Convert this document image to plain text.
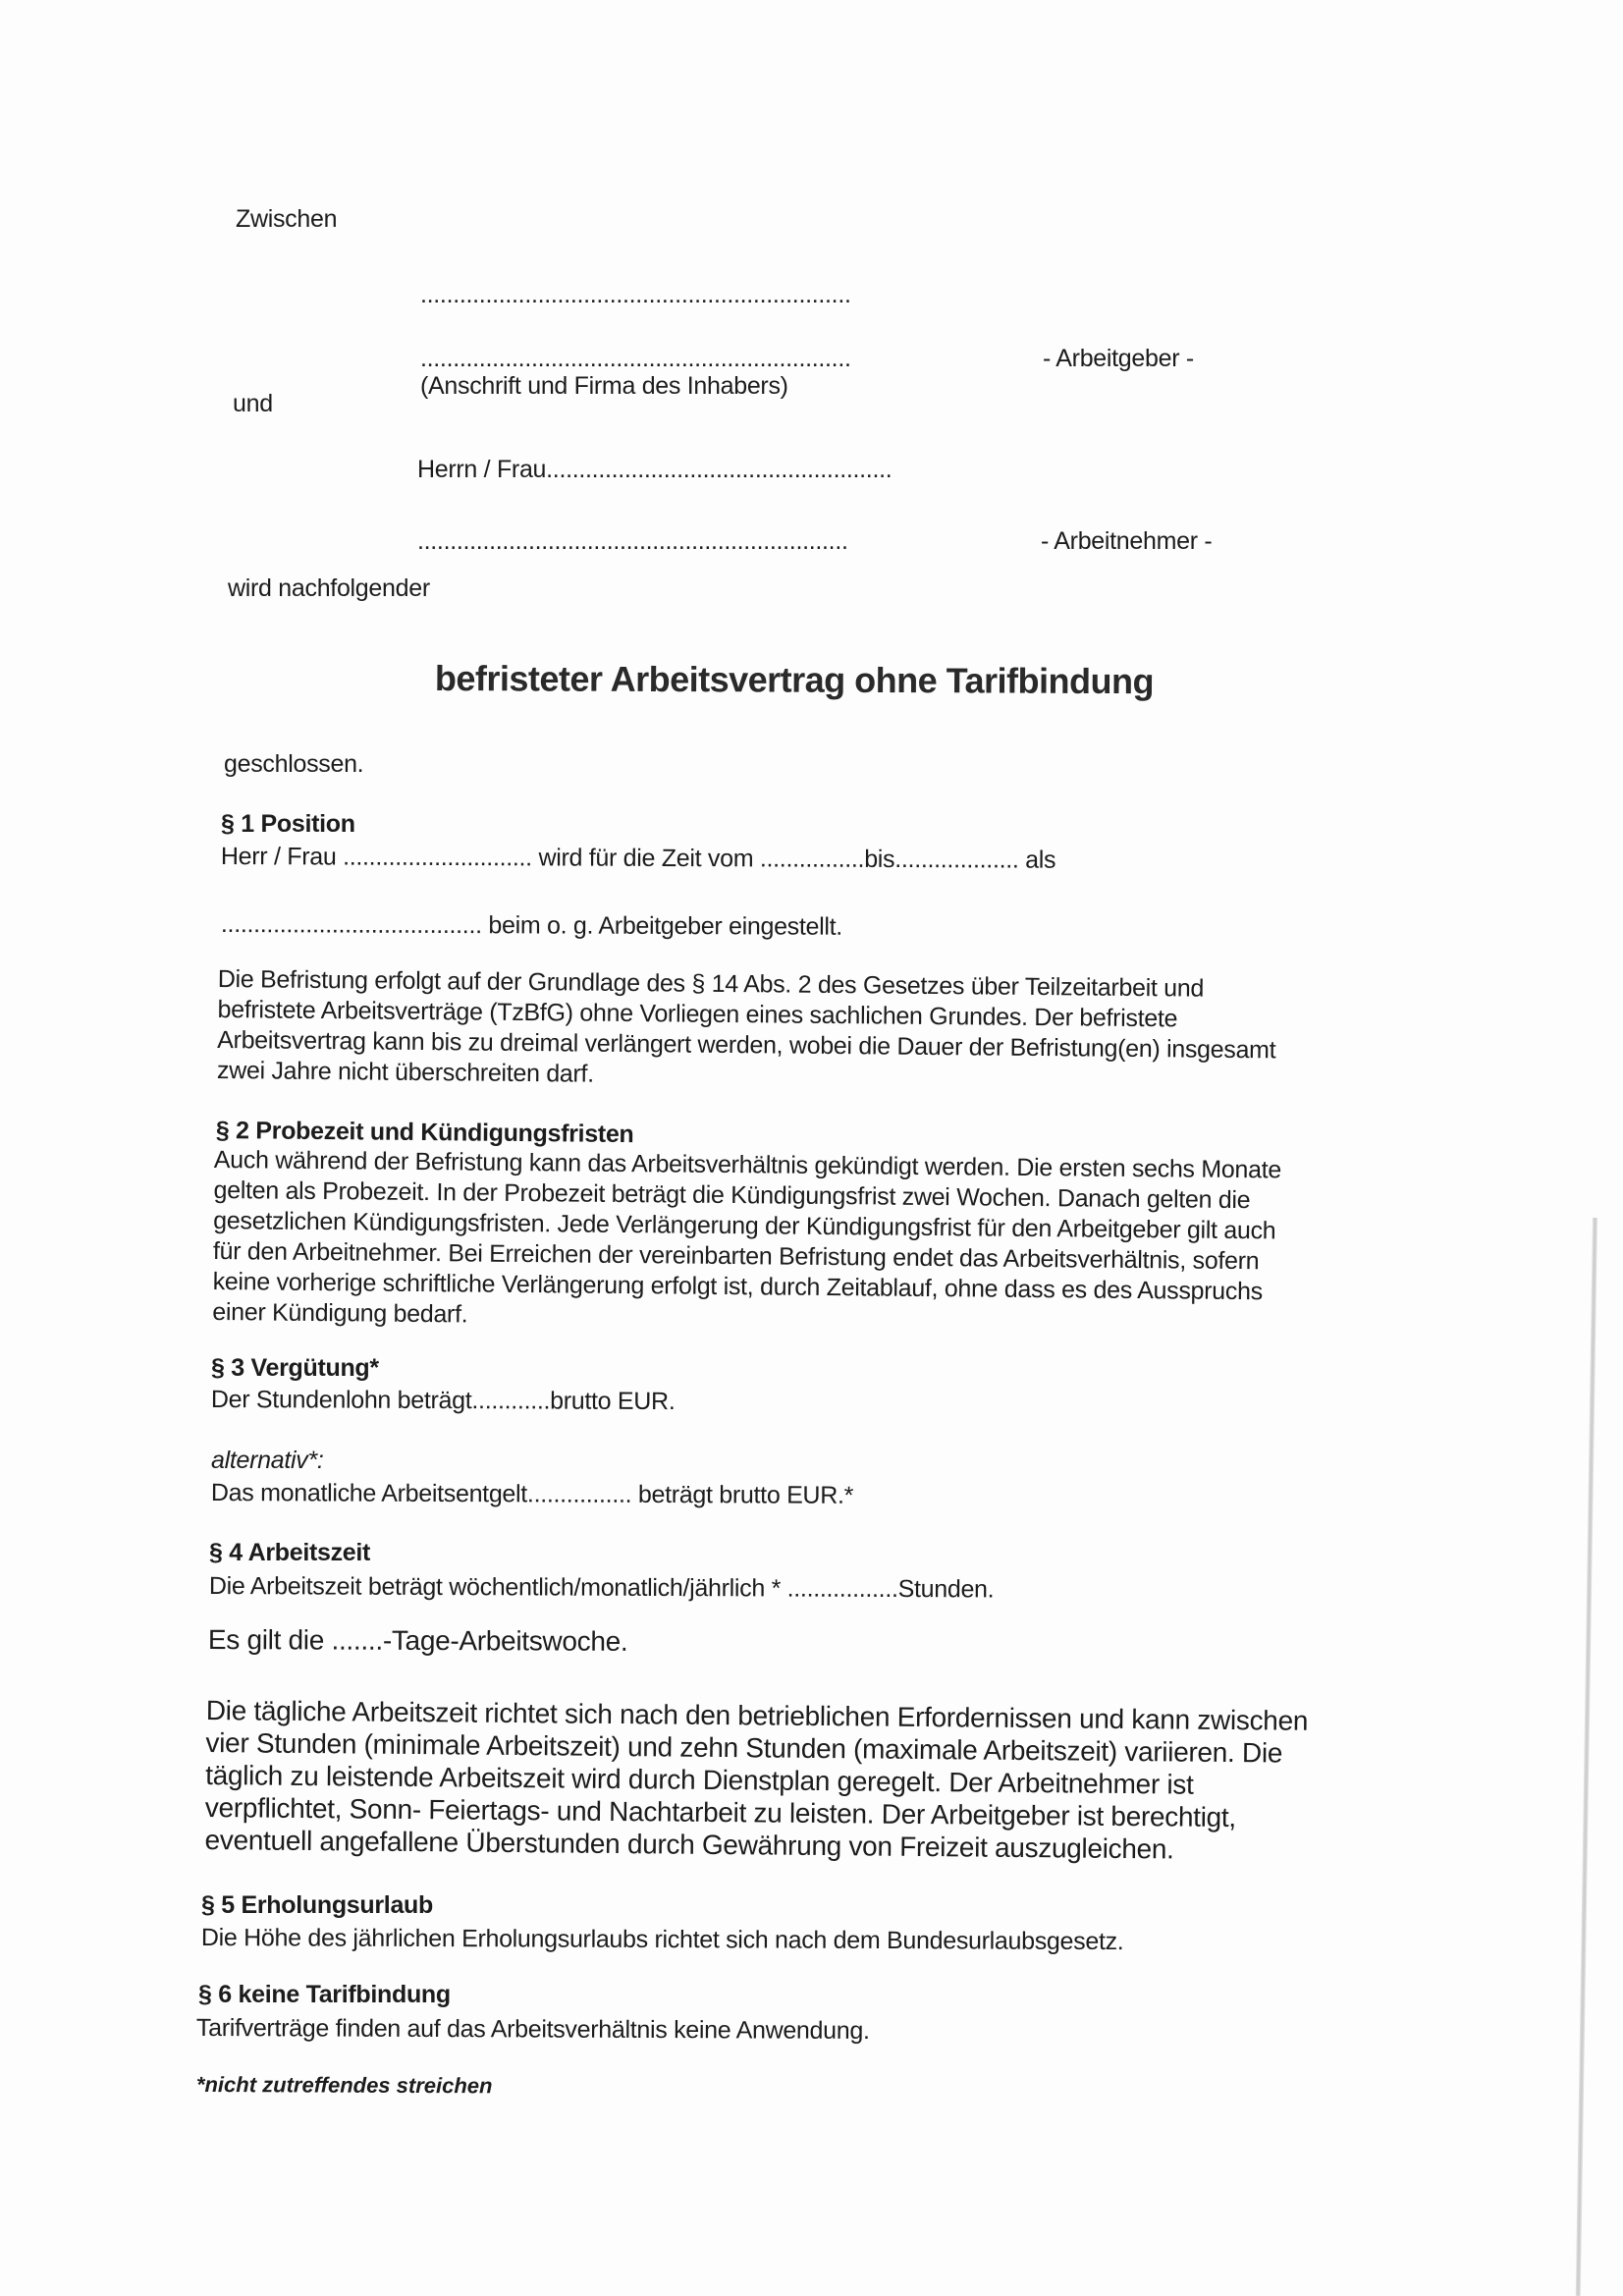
Zwischen
..................................................................
..................................................................	- Arbeitgeber -
(Anschrift und Firma des Inhabers)
und
Herrn / Frau.....................................................
..................................................................	- Arbeitnehmer -
wird nachfolgender
befristeter Arbeitsvertrag ohne Tarifbindung
geschlossen.
§ 1 Position
Herr / Frau ............................. wird für die Zeit vom ................bis................... als
........................................ beim o. g. Arbeitgeber eingestellt.
Die Befristung erfolgt auf der Grundlage des § 14 Abs. 2 des Gesetzes über Teilzeitarbeit und
befristete Arbeitsverträge (TzBfG) ohne Vorliegen eines sachlichen Grundes. Der befristete
Arbeitsvertrag kann bis zu dreimal verlängert werden, wobei die Dauer der Befristung(en) insgesamt
zwei Jahre nicht überschreiten darf.
§ 2 Probezeit und Kündigungsfristen
Auch während der Befristung kann das Arbeitsverhältnis gekündigt werden. Die ersten sechs Monate
gelten als Probezeit. In der Probezeit beträgt die Kündigungsfrist zwei Wochen. Danach gelten die
gesetzlichen Kündigungsfristen. Jede Verlängerung der Kündigungsfrist für den Arbeitgeber gilt auch
für den Arbeitnehmer. Bei Erreichen der vereinbarten Befristung endet das Arbeitsverhältnis, sofern
keine vorherige schriftliche Verlängerung erfolgt ist, durch Zeitablauf, ohne dass es des Ausspruchs
einer Kündigung bedarf.
§ 3 Vergütung*
Der Stundenlohn beträgt............brutto EUR.
alternativ*:
Das monatliche Arbeitsentgelt................ beträgt brutto EUR.*
§ 4 Arbeitszeit
Die Arbeitszeit beträgt wöchentlich/monatlich/jährlich * .................Stunden.
Es gilt die .......-Tage-Arbeitswoche.
Die tägliche Arbeitszeit richtet sich nach den betrieblichen Erfordernissen und kann zwischen
vier Stunden (minimale Arbeitszeit) und zehn Stunden (maximale Arbeitszeit) variieren. Die
täglich zu leistende Arbeitszeit wird durch Dienstplan geregelt. Der Arbeitnehmer ist
verpflichtet, Sonn- Feiertags- und Nachtarbeit zu leisten. Der Arbeitgeber ist berechtigt,
eventuell angefallene Überstunden durch Gewährung von Freizeit auszugleichen.
§ 5 Erholungsurlaub
Die Höhe des jährlichen Erholungsurlaubs richtet sich nach dem Bundesurlaubsgesetz.
§ 6 keine Tarifbindung
Tarifverträge finden auf das Arbeitsverhältnis keine Anwendung.
*nicht zutreffendes streichen
